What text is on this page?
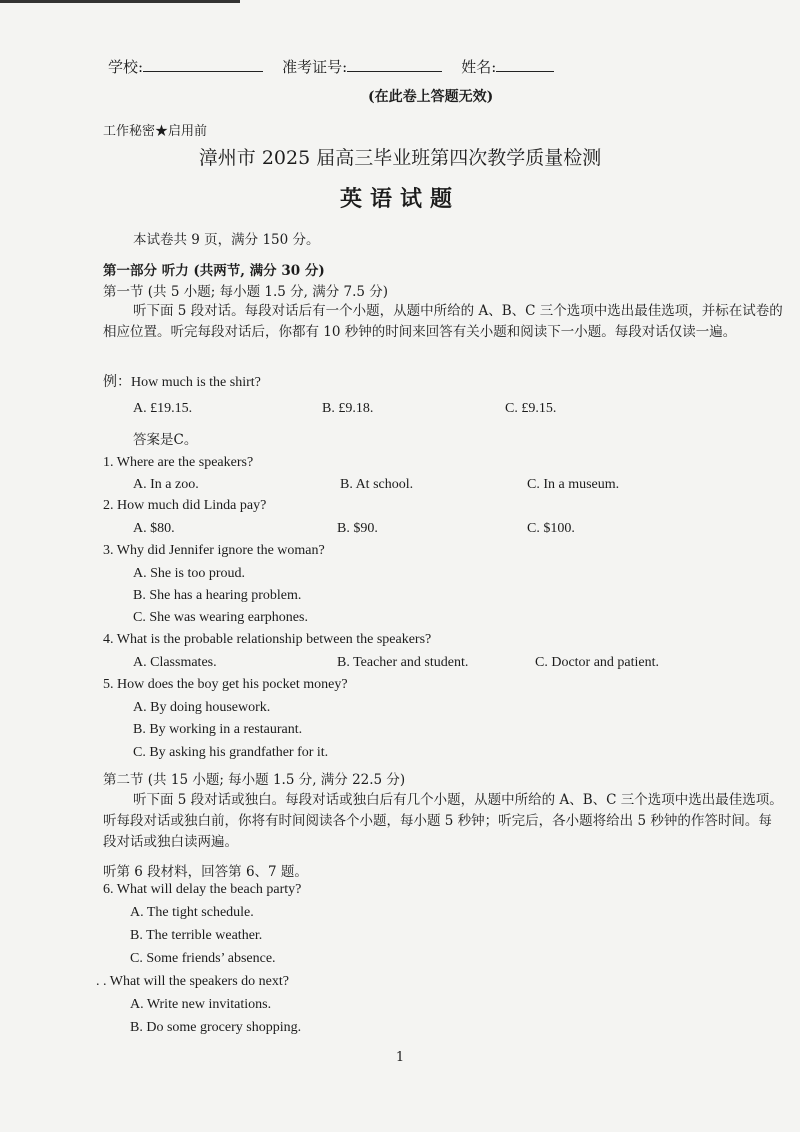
学校:	准考证号:	姓名:
(在此卷上答题无效)
工作秘密★启用前
漳州市 2025 届高三毕业班第四次教学质量检测
英语试题
本试卷共 9 页，满分 150 分。
第一部分 听力 (共两节, 满分 30 分)
第一节 (共 5 小题; 每小题 1.5 分, 满分 7.5 分)
听下面 5 段对话。每段对话后有一个小题，从题中所给的 A、B、C 三个选项中选出最佳选项，并标在试卷的相应位置。听完每段对话后，你都有 10 秒钟的时间来回答有关小题和阅读下一小题。每段对话仅读一遍。
例：How much is the shirt?
A. £19.15.	B. £9.18.	C. £9.15.
答案是C。
1. Where are the speakers?
A. In a zoo.	B. At school.	C. In a museum.
2. How much did Linda pay?
A. $80.	B. $90.	C. $100.
3. Why did Jennifer ignore the woman?
A. She is too proud.
B. She has a hearing problem.
C. She was wearing earphones.
4. What is the probable relationship between the speakers?
A. Classmates.	B. Teacher and student.	C. Doctor and patient.
5. How does the boy get his pocket money?
A. By doing housework.
B. By working in a restaurant.
C. By asking his grandfather for it.
第二节 (共 15 小题; 每小题 1.5 分, 满分 22.5 分)
听下面 5 段对话或独白。每段对话或独白后有几个小题，从题中所给的 A、B、C 三个选项中选出最佳选项。听每段对话或独白前，你将有时间阅读各个小题，每小题 5 秒钟；听完后，各小题将给出 5 秒钟的作答时间。每段对话或独白读两遍。
听第 6 段材料，回答第 6、7 题。
6. What will delay the beach party?
A. The tight schedule.
B. The terrible weather.
C. Some friends’ absence.
. . What will the speakers do next?
A. Write new invitations.
B. Do some grocery shopping.
1
